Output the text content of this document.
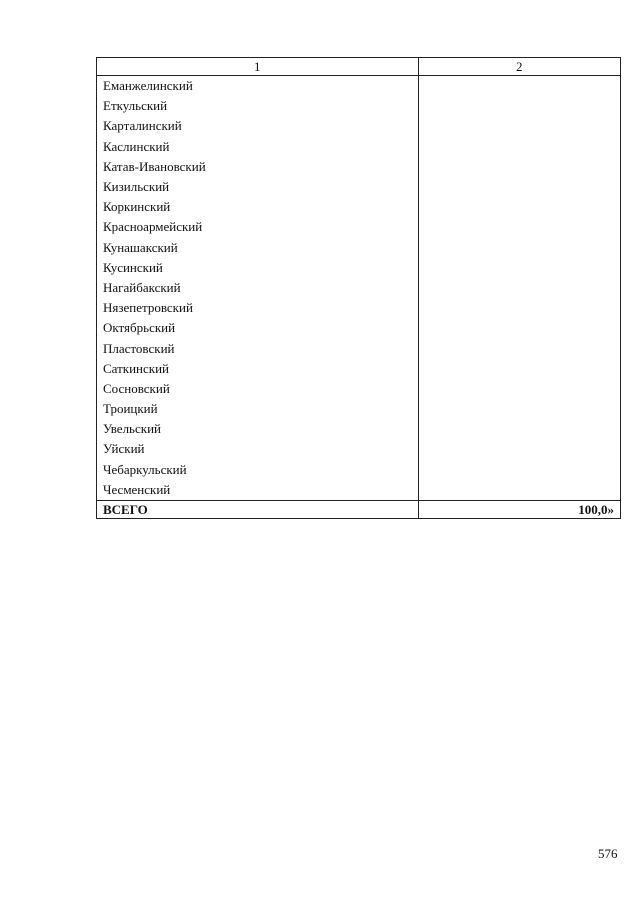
1	2
Еманжелинский	
Еткульский	
Карталинский	
Каслинский	
Катав-Ивановский	
Кизильский	
Коркинский	
Красноармейский	
Кунашакский	
Кусинский	
Нагайбакский	
Нязепетровский	
Октябрьский	
Пластовский	
Саткинский	
Сосновский	
Троицкий	
Увельский	
Уйский	
Чебаркульский	
Чесменский	
ВСЕГО	100,0»
576
